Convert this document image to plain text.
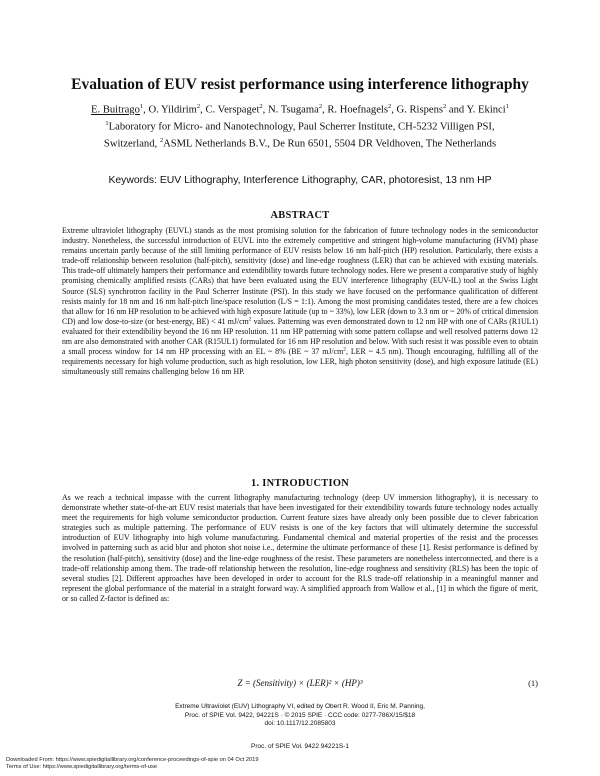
Evaluation of EUV resist performance using interference lithography
E. Buitrago$^1$, O. Yildirim$^2$, C. Verspaget$^2$, N. Tsugama$^2$, R. Hoefnagels$^2$, G. Rispens$^2$ and Y. Ekinci$^1$
$^1$Laboratory for Micro- and Nanotechnology, Paul Scherrer Institute, CH-5232 Villigen PSI,
Switzerland, $^2$ASML Netherlands B.V., De Run 6501, 5504 DR Veldhoven, The Netherlands

Keywords: EUV Lithography, Interference Lithography, CAR, photoresist, 13 nm HP

ABSTRACT

Extreme ultraviolet lithography (EUVL) stands as the most promising solution for the fabrication of future technology nodes in the semiconductor industry. Nonetheless, the successful introduction of EUVL into the extremely competitive and stringent high-volume manufacturing (HVM) phase remains uncertain partly because of the still limiting performance of EUV resists below 16 nm half-pitch (HP) resolution. Particularly, there exists a trade-off relationship between resolution (half-pitch), sensitivity (dose) and line-edge roughness (LER) that can be achieved with existing materials. This trade-off ultimately hampers their performance and extendibility towards future technology nodes. Here we present a comparative study of highly promising chemically amplified resists (CARs) that have been evaluated using the EUV interference lithography (EUV-IL) tool at the Swiss Light Source (SLS) synchrotron facility in the Paul Scherrer Institute (PSI). In this study we have focused on the performance qualification of different resists mainly for 18 nm and 16 nm half-pitch line/space resolution (L/S = 1:1). Among the most promising candidates tested, there are a few choices that allow for 16 nm HP resolution to be achieved with high exposure latitude (up to ~ 33%), low LER (down to 3.3 nm or ~ 20% of critical dimension CD) and low dose-to-size (or best-energy, BE) < 41 $mJ/cm^2$ values. Patterning was even demonstrated down to 12 nm HP with one of CARs (R1UL1) evaluated for their extendibility beyond the 16 nm HP resolution. 11 nm HP patterning with some pattern collapse and well resolved patterns down 12 nm are also demonstrated with another CAR (R15UL1) formulated for 16 nm HP resolution and below. With such resist it was possible even to obtain a small process window for 14 nm HP processing with an EL ~ 8% (BE ~ 37 $mJ/cm^2$, LER ~ 4.5 nm). Though encouraging, fulfilling all of the requirements necessary for high volume production, such as high resolution, low LER, high photon sensitivity (dose), and high exposure latitude (EL) simultaneously still remains challenging below 16 nm HP.

1. INTRODUCTION

As we reach a technical impasse with the current lithography manufacturing technology (deep UV immersion lithography), it is necessary to demonstrate whether state-of-the-art EUV resist materials that have been investigated for their extendibility towards future technology nodes actually meet the requirements for high volume semiconductor production. Current feature sizes have already only been possible due to clever fabrication strategies such as multiple patterning. The performance of EUV resists is one of the key factors that will ultimately determine the successful introduction of EUV lithography into high volume manufacturing. Fundamental chemical and material properties of the resist and the processes involved in patterning such as acid blur and photon shot noise i.e., determine the ultimate performance of these [1]. Resist performance is defined by the resolution (half-pitch), sensitivity (dose) and the line-edge roughness of the resist. These parameters are nonetheless interconnected, and there is a trade-off relationship among them. The trade-off relationship between the resolution, line-edge roughness and sensitivity (RLS) has been the topic of several studies [2]. Different approaches have been developed in order to account for the RLS trade-off relationship in a meaningful manner and represent the global performance of the material in a straight forward way. A simplified approach from Wallow et al., [1] in which the figure of merit, or so called Z-factor is defined as:

Z = (Sensitivity) × (LER)² × (HP)³	(1)
Extreme Ultraviolet (EUV) Lithography VI, edited by Obert R. Wood II, Eric M. Panning,
Proc. of SPIE Vol. 9422, 94221S · © 2015 SPIE · CCC code: 0277-786X/15/$18
doi: 10.1117/12.2085803
Proc. of SPIE Vol. 9422 94221S-1
Downloaded From: https://www.spiedigitallibrary.org/conference-proceedings-of-spie on 04 Oct 2019
Terms of Use: https://www.spiedigitallibrary.org/terms-of-use
